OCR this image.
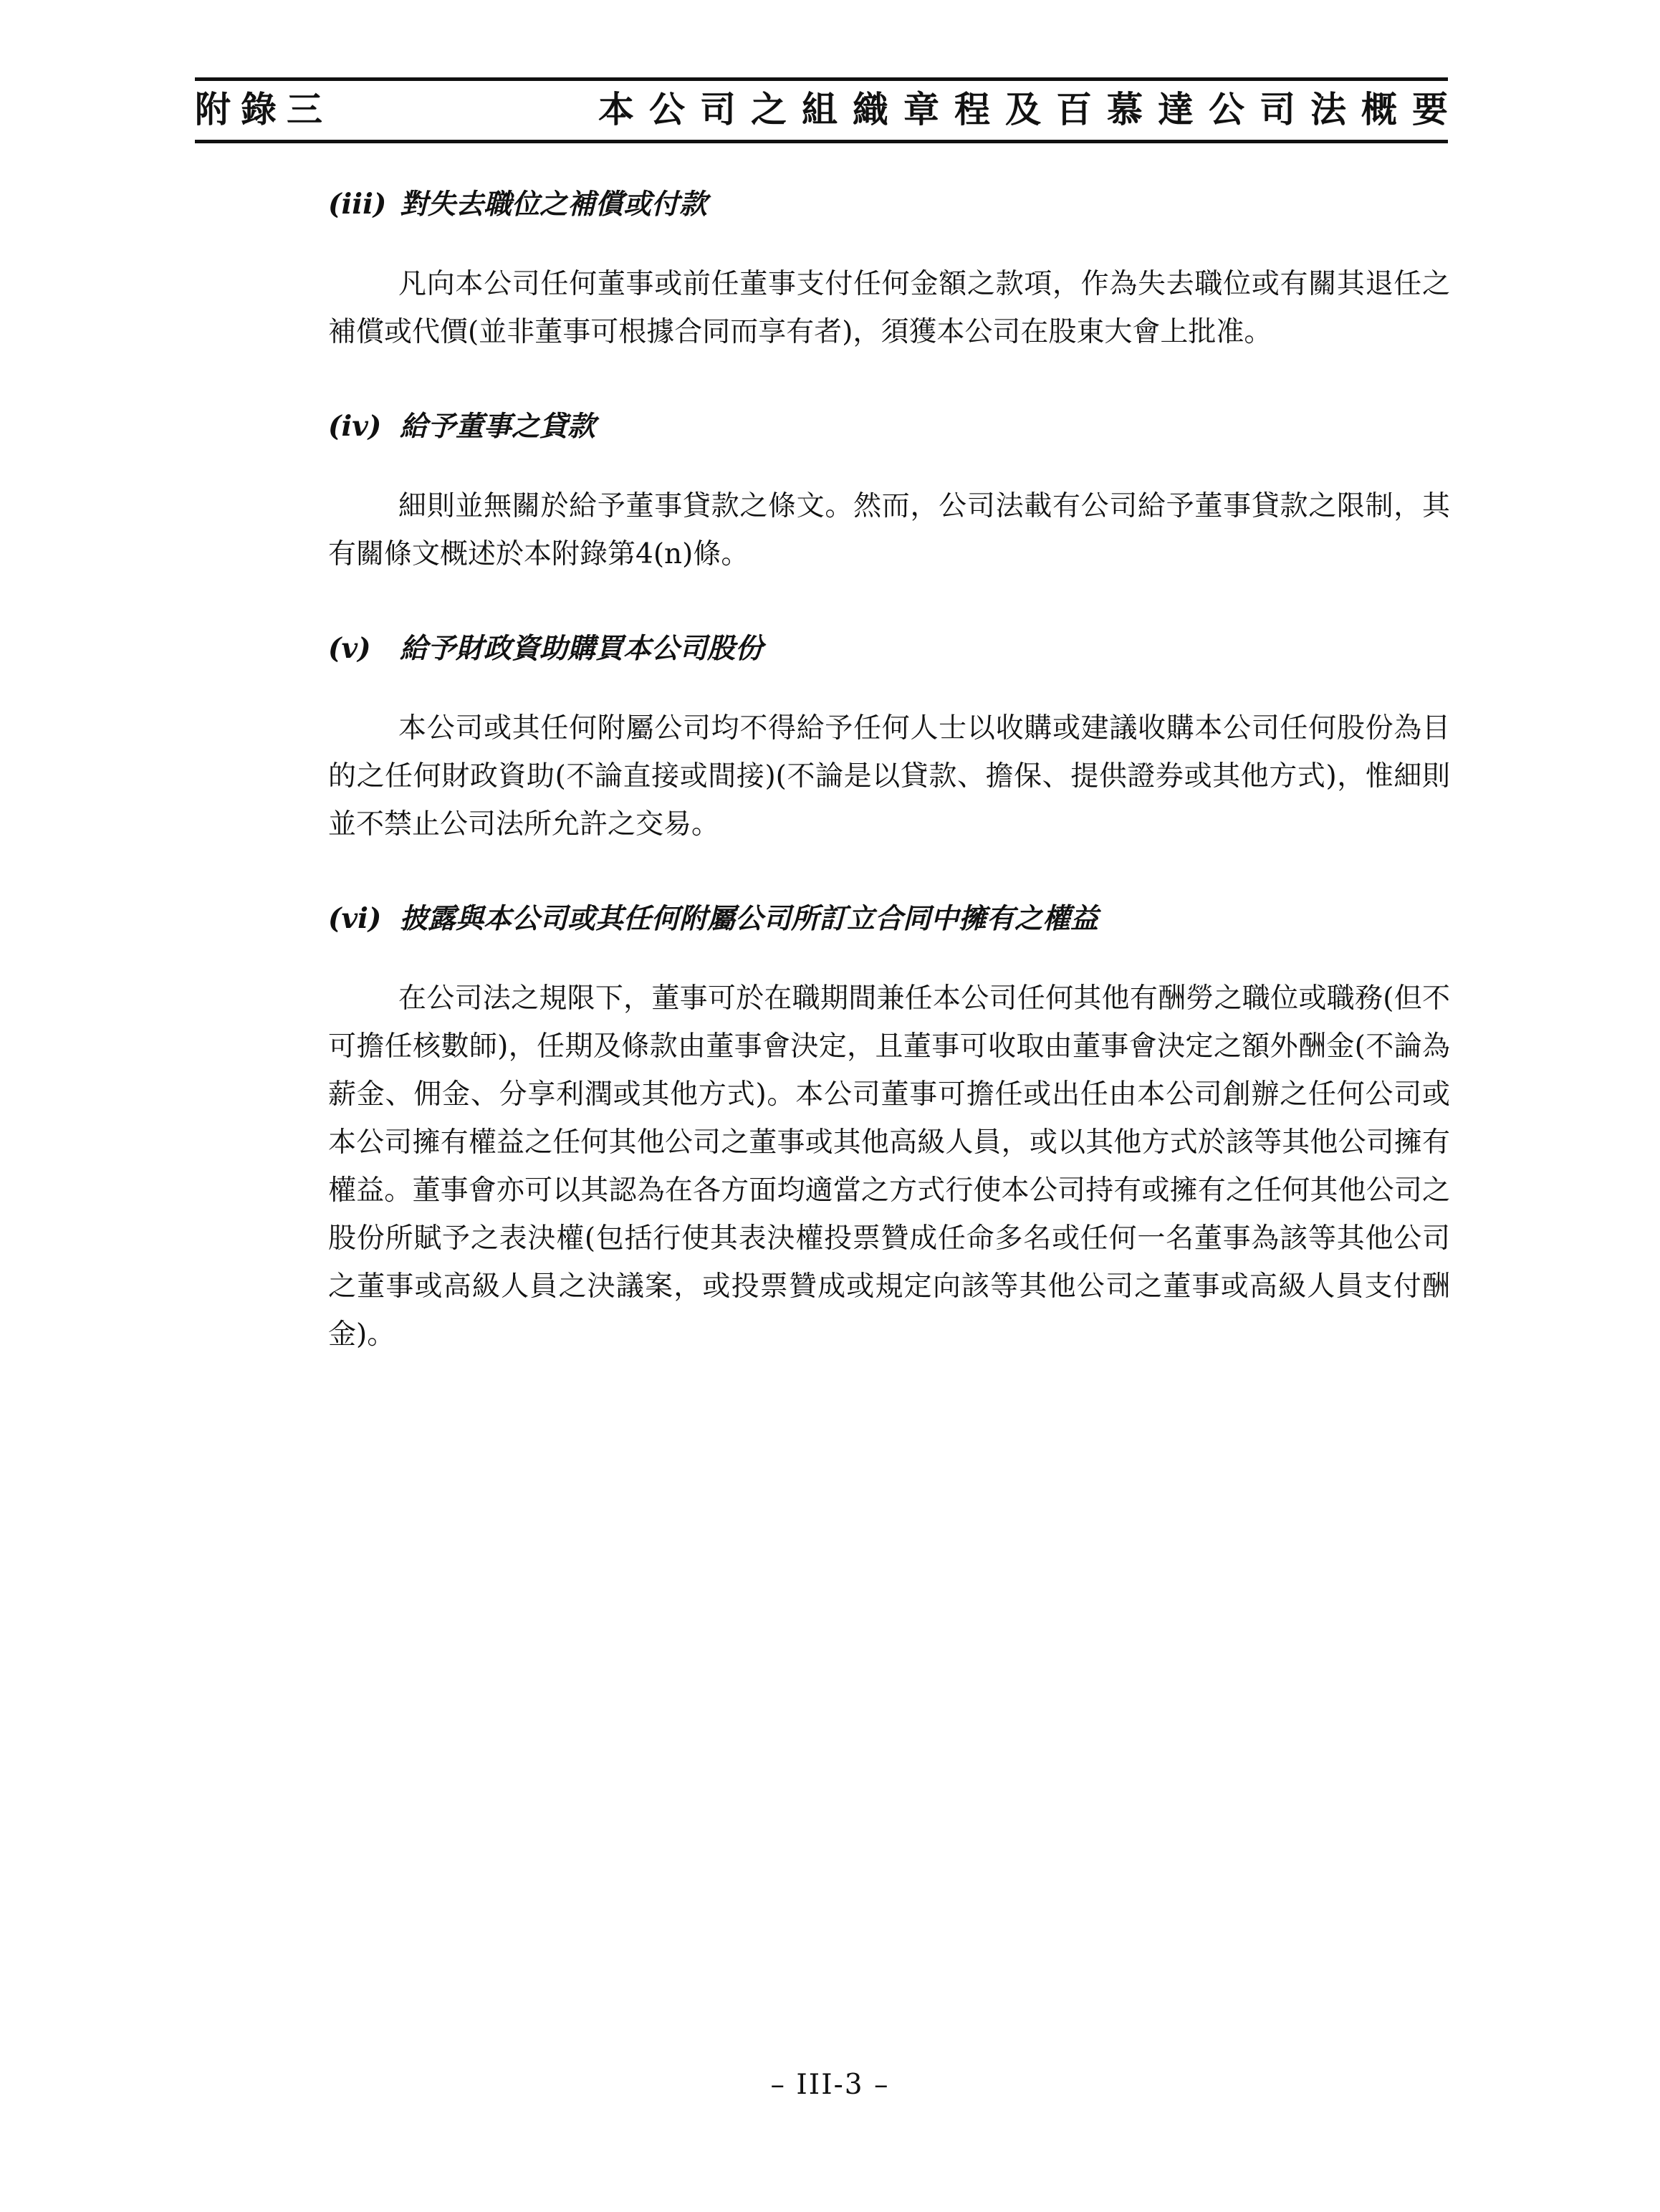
附錄三	本公司之組織章程及百慕達公司法概要

(iii) 對失去職位之補償或付款

凡向本公司任何董事或前任董事支付任何金額之款項，作為失去職位或有關其退任之補償或代價(並非董事可根據合同而享有者)，須獲本公司在股東大會上批准。

(iv) 給予董事之貸款

細則並無關於給予董事貸款之條文。然而，公司法載有公司給予董事貸款之限制，其有關條文概述於本附錄第4(n)條。

(v) 給予財政資助購買本公司股份

本公司或其任何附屬公司均不得給予任何人士以收購或建議收購本公司任何股份為目的之任何財政資助(不論直接或間接)(不論是以貸款、擔保、提供證券或其他方式)，惟細則並不禁止公司法所允許之交易。

(vi) 披露與本公司或其任何附屬公司所訂立合同中擁有之權益

在公司法之規限下，董事可於在職期間兼任本公司任何其他有酬勞之職位或職務(但不可擔任核數師)，任期及條款由董事會決定，且董事可收取由董事會決定之額外酬金(不論為薪金、佣金、分享利潤或其他方式)。本公司董事可擔任或出任由本公司創辦之任何公司或本公司擁有權益之任何其他公司之董事或其他高級人員，或以其他方式於該等其他公司擁有權益。董事會亦可以其認為在各方面均適當之方式行使本公司持有或擁有之任何其他公司之股份所賦予之表決權(包括行使其表決權投票贊成任命多名或任何一名董事為該等其他公司之董事或高級人員之決議案，或投票贊成或規定向該等其他公司之董事或高級人員支付酬金)。

– III-3 –
